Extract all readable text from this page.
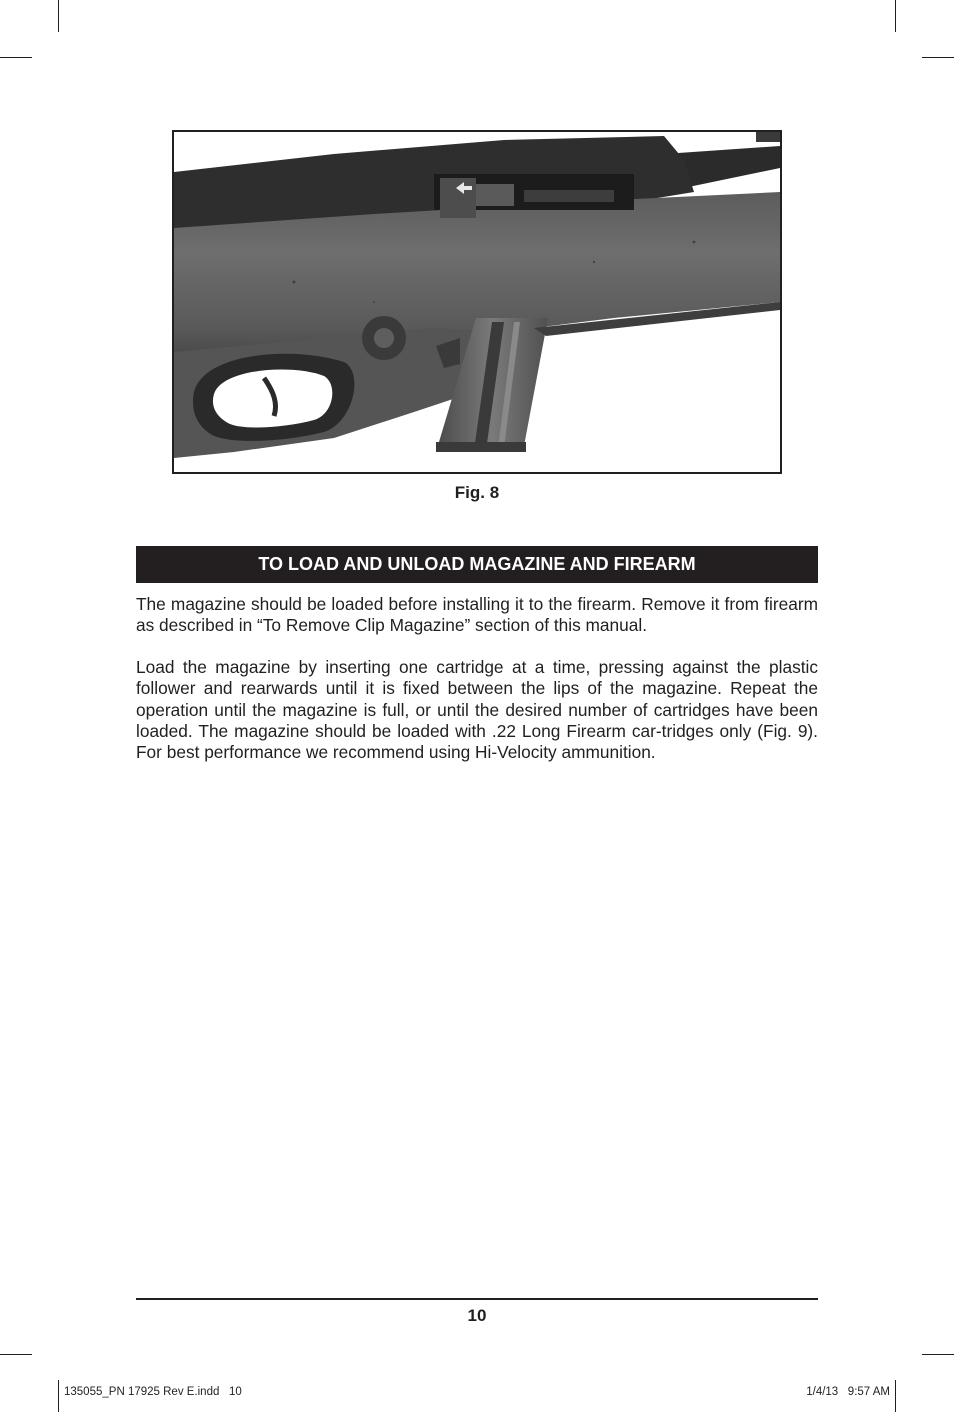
Fig. 8
TO LOAD AND UNLOAD MAGAZINE AND FIREARM

The magazine should be loaded before installing it to the firearm. Remove it from firearm as described in “To Remove Clip Magazine” section of this manual.

Load the magazine by inserting one cartridge at a time, pressing against the plastic follower and rearwards until it is fixed between the lips of the magazine. Repeat the operation until the magazine is full, or until the desired number of cartridges have been loaded. The magazine should be loaded with .22 Long Firearm car-tridges only (Fig. 9). For best performance we recommend using Hi-Velocity ammunition.

10
135055_PN 17925 Rev E.indd   10	1/4/13   9:57 AM
